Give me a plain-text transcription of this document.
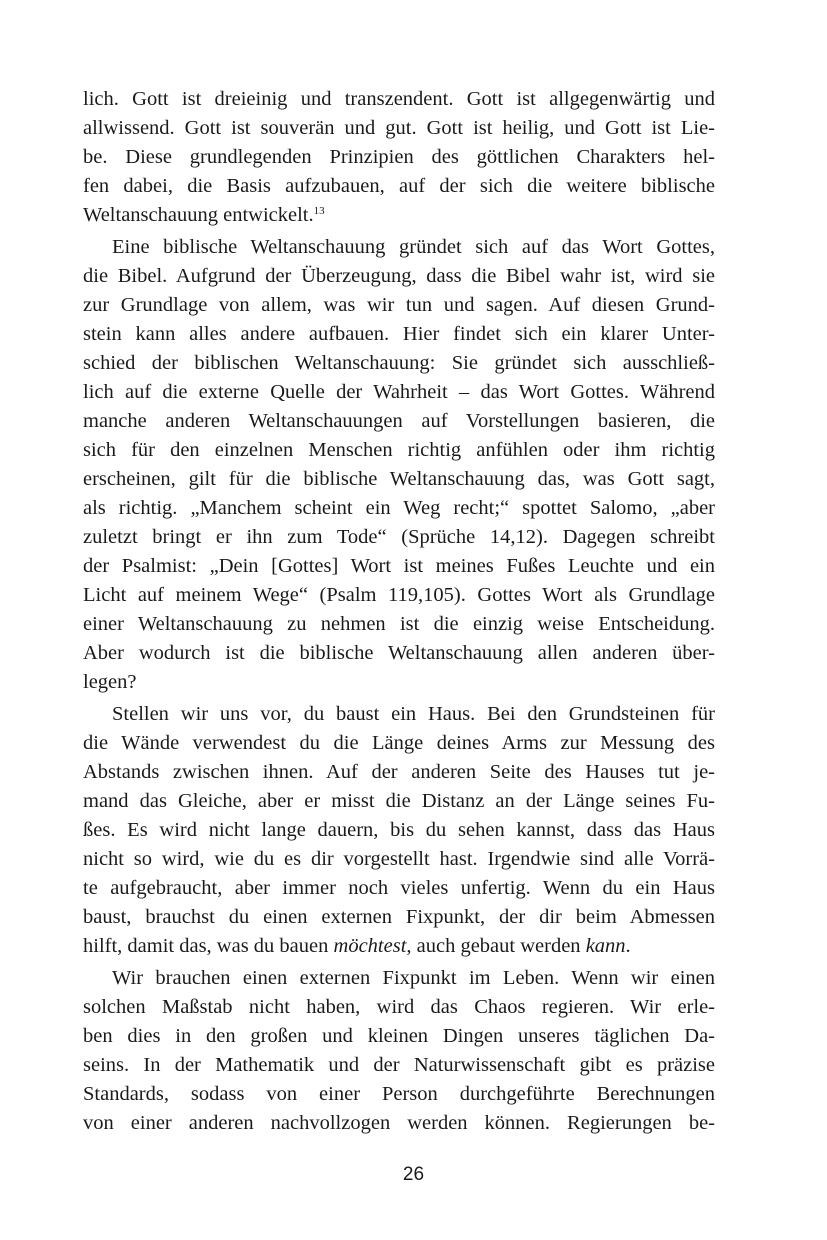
lich. Gott ist dreieinig und transzendent. Gott ist allgegenwärtig und
allwissend. Gott ist souverän und gut. Gott ist heilig, und Gott ist Lie-
be. Diese grundlegenden Prinzipien des göttlichen Charakters hel-
fen dabei, die Basis aufzubauen, auf der sich die weitere biblische
Weltanschauung entwickelt.$^{13}$
Eine biblische Weltanschauung gründet sich auf das Wort Gottes,
die Bibel. Aufgrund der Überzeugung, dass die Bibel wahr ist, wird sie
zur Grundlage von allem, was wir tun und sagen. Auf diesen Grund-
stein kann alles andere aufbauen. Hier findet sich ein klarer Unter-
schied der biblischen Weltanschauung: Sie gründet sich ausschließ-
lich auf die externe Quelle der Wahrheit – das Wort Gottes. Während
manche anderen Weltanschauungen auf Vorstellungen basieren, die
sich für den einzelnen Menschen richtig anfühlen oder ihm richtig
erscheinen, gilt für die biblische Weltanschauung das, was Gott sagt,
als richtig. „Manchem scheint ein Weg recht;“ spottet Salomo, „aber
zuletzt bringt er ihn zum Tode“ (Sprüche 14,12). Dagegen schreibt
der Psalmist: „Dein [Gottes] Wort ist meines Fußes Leuchte und ein
Licht auf meinem Wege“ (Psalm 119,105). Gottes Wort als Grundlage
einer Weltanschauung zu nehmen ist die einzig weise Entscheidung.
Aber wodurch ist die biblische Weltanschauung allen anderen über-
legen?
Stellen wir uns vor, du baust ein Haus. Bei den Grundsteinen für
die Wände verwendest du die Länge deines Arms zur Messung des
Abstands zwischen ihnen. Auf der anderen Seite des Hauses tut je-
mand das Gleiche, aber er misst die Distanz an der Länge seines Fu-
ßes. Es wird nicht lange dauern, bis du sehen kannst, dass das Haus
nicht so wird, wie du es dir vorgestellt hast. Irgendwie sind alle Vorrä-
te aufgebraucht, aber immer noch vieles unfertig. Wenn du ein Haus
baust, brauchst du einen externen Fixpunkt, der dir beim Abmessen
hilft, damit das, was du bauen möchtest, auch gebaut werden kann.
Wir brauchen einen externen Fixpunkt im Leben. Wenn wir einen
solchen Maßstab nicht haben, wird das Chaos regieren. Wir erle-
ben dies in den großen und kleinen Dingen unseres täglichen Da-
seins. In der Mathematik und der Naturwissenschaft gibt es präzise
Standards, sodass von einer Person durchgeführte Berechnungen
von einer anderen nachvollzogen werden können. Regierungen be-
26
